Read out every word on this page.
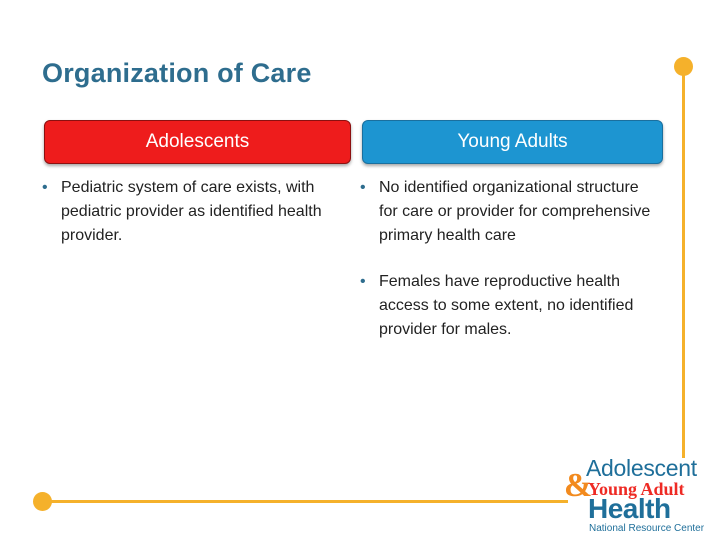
Organization of Care
Adolescents	Young Adults
• Pediatric system of care exists, with pediatric provider as identified health provider.
• No identified organizational structure for care or provider for comprehensive primary health care
• Females have reproductive health access to some extent, no identified provider for males.
Adolescent
&
Young Adult
Health
National Resource Center
